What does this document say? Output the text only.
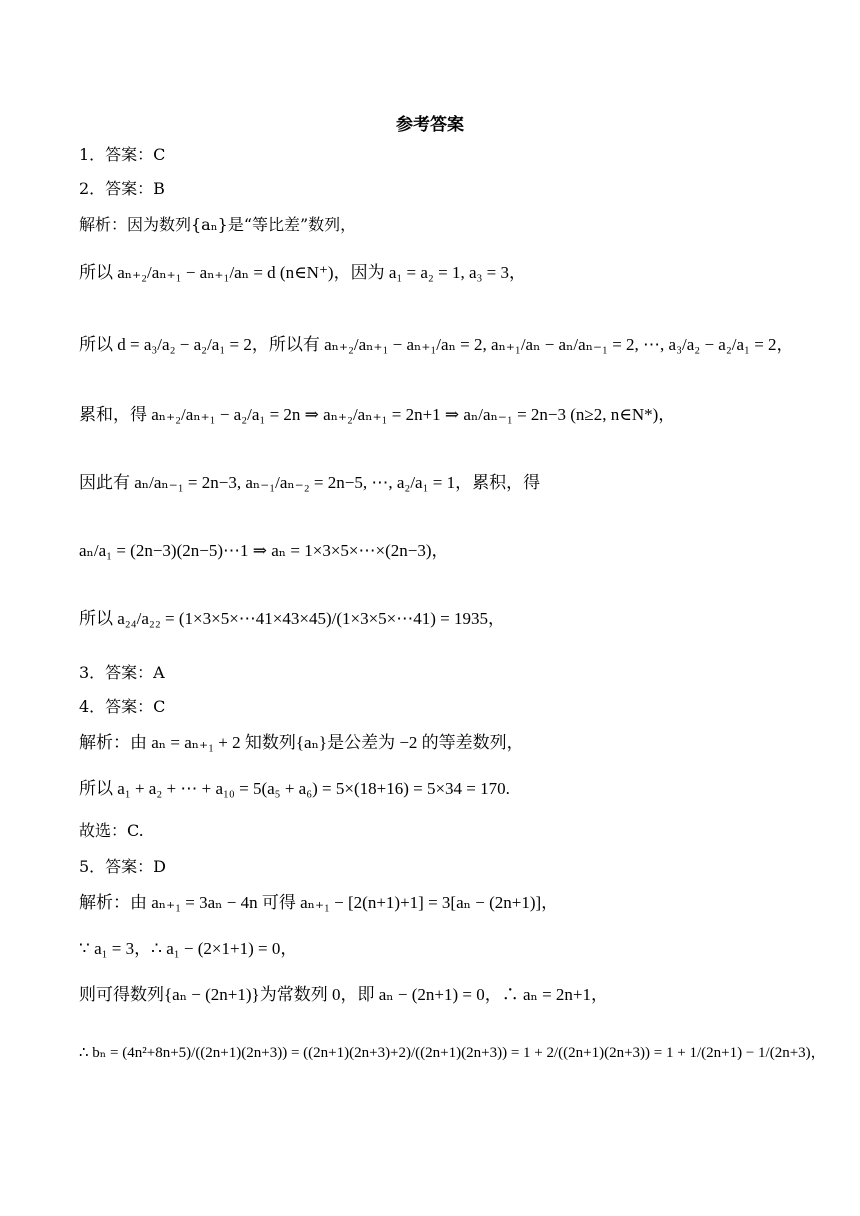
参考答案
1．答案：C
2．答案：B
解析：因为数列{aₙ}是“等比差”数列，
所以 aₙ₊₂/aₙ₊₁ − aₙ₊₁/aₙ = d (n∈N⁺)，因为 a₁ = a₂ = 1, a₃ = 3，
所以 d = a₃/a₂ − a₂/a₁ = 2，所以有 aₙ₊₂/aₙ₊₁ − aₙ₊₁/aₙ = 2, aₙ₊₁/aₙ − aₙ/aₙ₋₁ = 2, ⋯, a₃/a₂ − a₂/a₁ = 2，
累和，得 aₙ₊₂/aₙ₊₁ − a₂/a₁ = 2n ⇒ aₙ₊₂/aₙ₊₁ = 2n+1 ⇒ aₙ/aₙ₋₁ = 2n−3 (n≥2, n∈N*)，
因此有 aₙ/aₙ₋₁ = 2n−3, aₙ₋₁/aₙ₋₂ = 2n−5, ⋯, a₂/a₁ = 1，累积，得
aₙ/a₁ = (2n−3)(2n−5)⋯1 ⇒ aₙ = 1×3×5×⋯×(2n−3)，
所以 a₂₄/a₂₂ = (1×3×5×⋯41×43×45)/(1×3×5×⋯41) = 1935，
3．答案：A
4．答案：C
解析：由 aₙ = aₙ₊₁ + 2 知数列{aₙ}是公差为 −2 的等差数列，
所以 a₁ + a₂ + ⋯ + a₁₀ = 5(a₅ + a₆) = 5×(18+16) = 5×34 = 170.
故选：C.
5．答案：D
解析：由 aₙ₊₁ = 3aₙ − 4n 可得 aₙ₊₁ − [2(n+1)+1] = 3[aₙ − (2n+1)]，
∵ a₁ = 3，∴ a₁ − (2×1+1) = 0，
则可得数列{aₙ − (2n+1)}为常数列 0，即 aₙ − (2n+1) = 0，∴ aₙ = 2n+1，
∴ bₙ = (4n²+8n+5)/((2n+1)(2n+3)) = ((2n+1)(2n+3)+2)/((2n+1)(2n+3)) = 1 + 2/((2n+1)(2n+3)) = 1 + 1/(2n+1) − 1/(2n+3)，
